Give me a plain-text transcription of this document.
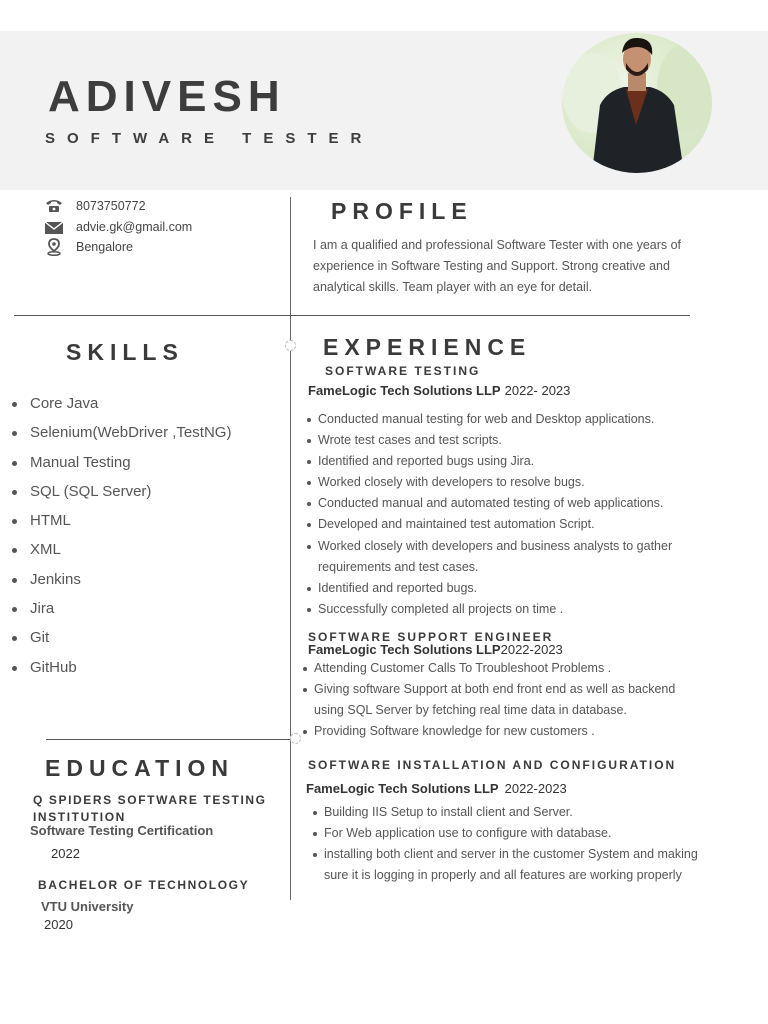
ADIVESH
SOFTWARE TESTER
8073750772
advie.gk@gmail.com
Bengalore
PROFILE
I am a qualified and professional Software Tester with one years of experience in Software Testing and Support. Strong creative and analytical skills. Team player with an eye for detail.
SKILLS
Core Java
Selenium(WebDriver ,TestNG)
Manual Testing
SQL (SQL Server)
HTML
XML
Jenkins
Jira
Git
GitHub
EXPERIENCE
SOFTWARE TESTING
FameLogic Tech Solutions LLP 2022- 2023
Conducted manual testing for web and Desktop applications.
Wrote test cases and test scripts.
Identified and reported bugs using Jira.
Worked closely with developers to resolve bugs.
Conducted manual and automated testing of web applications.
Developed and maintained test automation Script.
Worked closely with developers and business analysts to gather requirements and test cases.
Identified and reported bugs.
Successfully completed all projects on time .
SOFTWARE SUPPORT ENGINEER
FameLogic Tech Solutions LLP2022-2023
Attending Customer Calls To Troubleshoot Problems .
Giving software Support at both end front end as well as backend using SQL Server by fetching real time data in database.
Providing Software knowledge for new customers .
SOFTWARE INSTALLATION AND CONFIGURATION
FameLogic Tech Solutions LLP 2022-2023
Building IIS Setup to install client and Server.
For Web application use to configure with database.
installing both client and server in the customer System and making sure it is logging in properly and all features are working properly
EDUCATION
Q SPIDERS SOFTWARE TESTING INSTITUTION
Software Testing Certification
2022
BACHELOR OF TECHNOLOGY
VTU University
2020
